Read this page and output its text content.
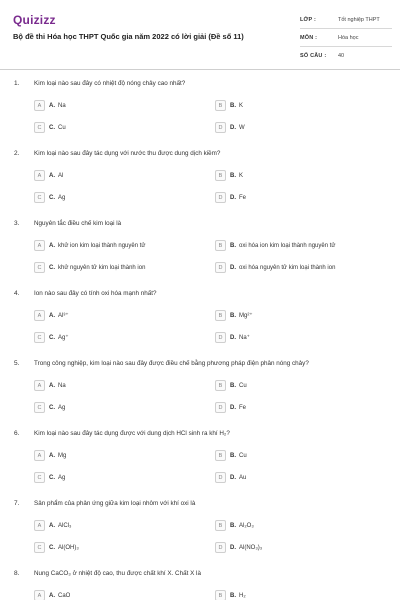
Quizizz
Bộ đề thi Hóa học THPT Quốc gia năm 2022 có lời giải (Đề số 11)
LỚP :	Tốt nghiệp THPT
MÔN :	Hóa học
SỐ CÂU :	40
1. Kim loại nào sau đây có nhiệt độ nóng chảy cao nhất?
A	A. Na	B	B. K
C	C. Cu	D	D. W
2. Kim loại nào sau đây tác dụng với nước thu được dung dịch kiềm?
A	A. Al	B	B. K
C	C. Ag	D	D. Fe
3. Nguyên tắc điều chế kim loại là
A	A. khử ion kim loại thành nguyên tử	B	B. oxi hóa ion kim loại thành nguyên tử
C	C. khử nguyên tử kim loại thành ion	D	D. oxi hóa nguyên tử kim loại thành ion
4. Ion nào sau đây có tính oxi hóa mạnh nhất?
A	A. Al³⁺	B	B. Mg²⁺
C	C. Ag⁺	D	D. Na⁺
5. Trong công nghiệp, kim loại nào sau đây được điều chế bằng phương pháp điện phân nóng chảy?
A	A. Na	B	B. Cu
C	C. Ag	D	D. Fe
6. Kim loại nào sau đây tác dụng được với dung dịch HCl sinh ra khí H₂?
A	A. Mg	B	B. Cu
C	C. Ag	D	D. Au
7. Sản phẩm của phản ứng giữa kim loại nhôm với khí oxi là
A	A. AlCl₃	B	B. Al₂O₃
C	C. Al(OH)₃	D	D. Al(NO₃)₃
8. Nung CaCO₃ ở nhiệt độ cao, thu được chất khí X. Chất X là
A	A. CaO	B	B. H₂
